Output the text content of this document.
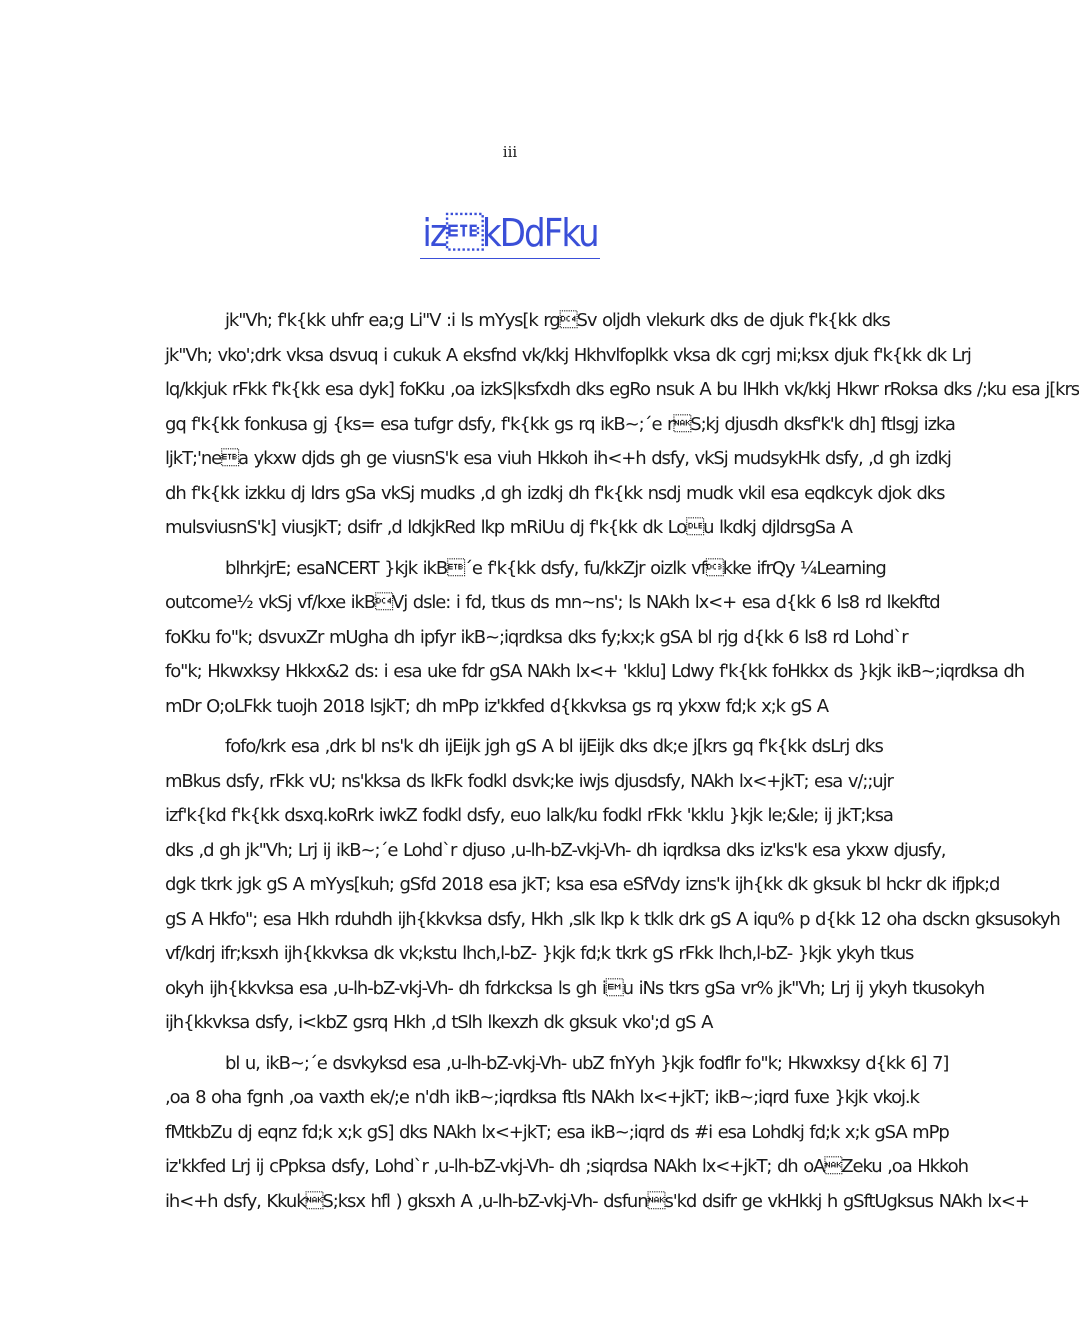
iii
izkDdFku
jk"Vh; f'k{kk uhfr ea;g Li"V :i ls mYys[k rgSv oljdh vlekurk dks de djuk f'k{kk dks
jk"Vh; vko';drk vksa dsvuq i cukuk A eksfnd vk/kkj Hkhvlfoplkk vksa dk cgrj mi;ksx djuk f'k{kk dk Lrj
lq/kkjuk rFkk f'k{kk esa dyk] foKku ,oa izkS|ksfxdh dks egRo nsuk A bu lHkh vk/kkj Hkwr rRoksa dks /;ku esa j[krs
gq f'k{kk fonkusa gj {ks= esa tufgr dsfy, f'k{kk gs rq ikB~;´e rS;kj djusdh dksf'k'k dh] ftlsgj izka
ljkT;'nea ykxw djds gh ge viusnS'k esa viuh Hkkoh ih<+h dsfy, vkSj mudsykHk dsfy, ,d gh izdkj
dh f'k{kk izkku dj ldrs gSa vkSj mudks ,d gh izdkj dh f'k{kk nsdj mudk vkil esa eqdkcyk djok dks
mulsviusnS'k] viusjkT; dsifr ,d ldkjkRed lkp mRiUu dj f'k{kk dk Lou lkdkj djldrsgSa A
blhrkjrE; esaNCERT }kjk ikB´e f'k{kk dsfy, fu/kkZjr oizlk vfkke ifrQy ¼Learning
outcome½ vkSj vf/kxe ikBVj dsle: i fd, tkus ds mn~ns'; ls NAkh lx<+ esa d{kk 6 ls8 rd lkekftd
foKku fo"k; dsvuxZr mUgha dh ipfyr ikB~;iqrdksa dks fy;kx;k gSA bl rjg d{kk 6 ls8 rd Lohd`r
fo"k; Hkwxksy Hkkx&2 ds: i esa uke fdr gSA NAkh lx<+ 'kklu] Ldwy f'k{kk foHkkx ds }kjk ikB~;iqrdksa dh
mDr O;oLFkk tuojh 2018 lsjkT; dh mPp iz'kkfed d{kkvksa gs rq ykxw fd;k x;k gS A
fofo/krk esa ,drk bl ns'k dh ijEijk jgh gS A bl ijEijk dks dk;e j[krs gq f'k{kk dsLrj dks
mBkus dsfy, rFkk vU; ns'kksa ds lkFk fodkl dsvk;ke iwjs djusdsfy, NAkh lx<+jkT; esa v/;;ujr
izf'k{kd f'k{kk dsxq.koRrk iwkZ fodkl dsfy, euo lalk/ku fodkl rFkk 'kklu }kjk le;&le; ij jkT;ksa
dks ,d gh jk"Vh; Lrj ij ikB~;´e Lohd`r djuso ,u-lh-bZ-vkj-Vh- dh iqrdksa dks iz'ks'k esa ykxw djusfy,
dgk tkrk jgk gS A mYys[kuh; gSfd 2018 esa jkT; ksa esa eSfVdy izns'k ijh{kk dk gksuk bl hckr dk ifjpk;d
gS A Hkfo"; esa Hkh rduhdh ijh{kkvksa dsfy, Hkh ,slk lkp k tklk drk gS A iqu% p d{kk 12 oha dsckn gksusokyh
vf/kdrj ifr;ksxh ijh{kkvksa dk vk;kstu lhch,l-bZ- }kjk fd;k tkrk gS rFkk lhch,l-bZ- }kjk ykyh tkus
okyh ijh{kkvksa esa ,u-lh-bZ-vkj-Vh- dh fdrkcksa ls gh iu iNs tkrs gSa vr% jk"Vh; Lrj ij ykyh tkusokyh
ijh{kkvksa dsfy, i<kbZ gsrq Hkh ,d tSlh lkexzh dk gksuk vko';d gS A
bl u, ikB~;´e dsvkyksd esa ,u-lh-bZ-vkj-Vh- ubZ fnYyh }kjk fodflr fo"k; Hkwxksy d{kk 6] 7]
,oa 8 oha fgnh ,oa vaxth ek/;e n'dh ikB~;iqrdksa ftls NAkh lx<+jkT; ikB~;iqrd fuxe }kjk vkoj.k
fMtkbZu dj eqnz fd;k x;k gS] dks NAkh lx<+jkT; esa ikB~;iqrd ds #i esa Lohdkj fd;k x;k gSA mPp
iz'kkfed Lrj ij cPpksa dsfy, Lohd`r ,u-lh-bZ-vkj-Vh- dh ;siqrdsa NAkh lx<+jkT; dh oAZeku ,oa Hkkoh
ih<+h dsfy, KkukS;ksx hfl ) gksxh A ,u-lh-bZ-vkj-Vh- dsfuns'kd dsifr ge vkHkkj h gSftUgksus NAkh lx<+
